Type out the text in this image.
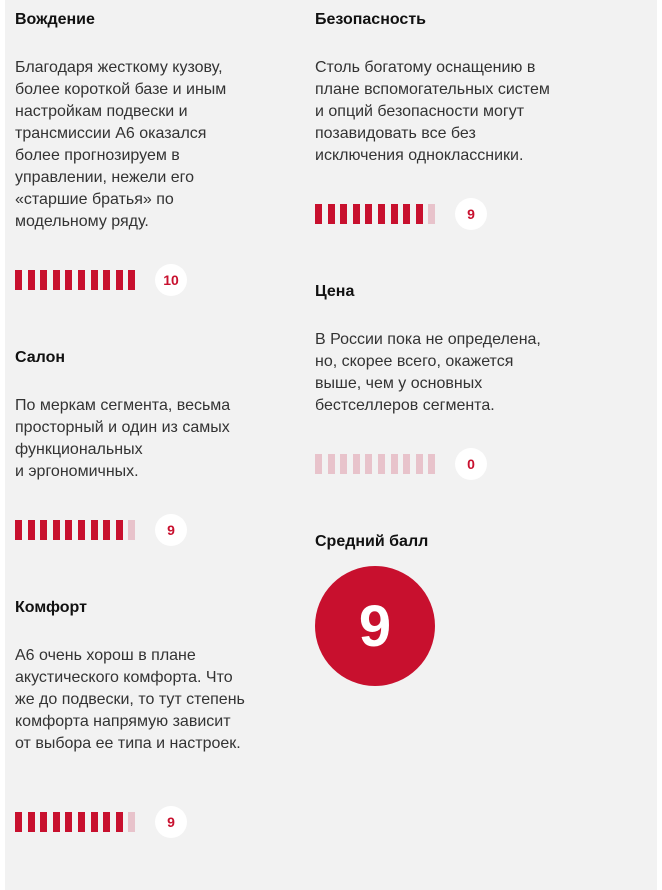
Вождение

Благодаря жесткому кузову,
более короткой базе и иным
настройкам подвески и
трансмиссии А6 оказался
более прогнозируем в
управлении, нежели его
«старшие братья» по
модельному ряду.

10
Салон

По меркам сегмента, весьма
просторный и один из самых
функциональных
и эргономичных.

9
Комфорт

А6 очень хорош в плане
акустического комфорта. Что
же до подвески, то тут степень
комфорта напрямую зависит
от выбора ее типа и настроек.

9
Безопасность

Столь богатому оснащению в
плане вспомогательных систем
и опций безопасности могут
позавидовать все без
исключения одноклассники.

9
Цена

В России пока не определена,
но, скорее всего, окажется
выше, чем у основных
бестселлеров сегмента.

0
Средний балл
9
